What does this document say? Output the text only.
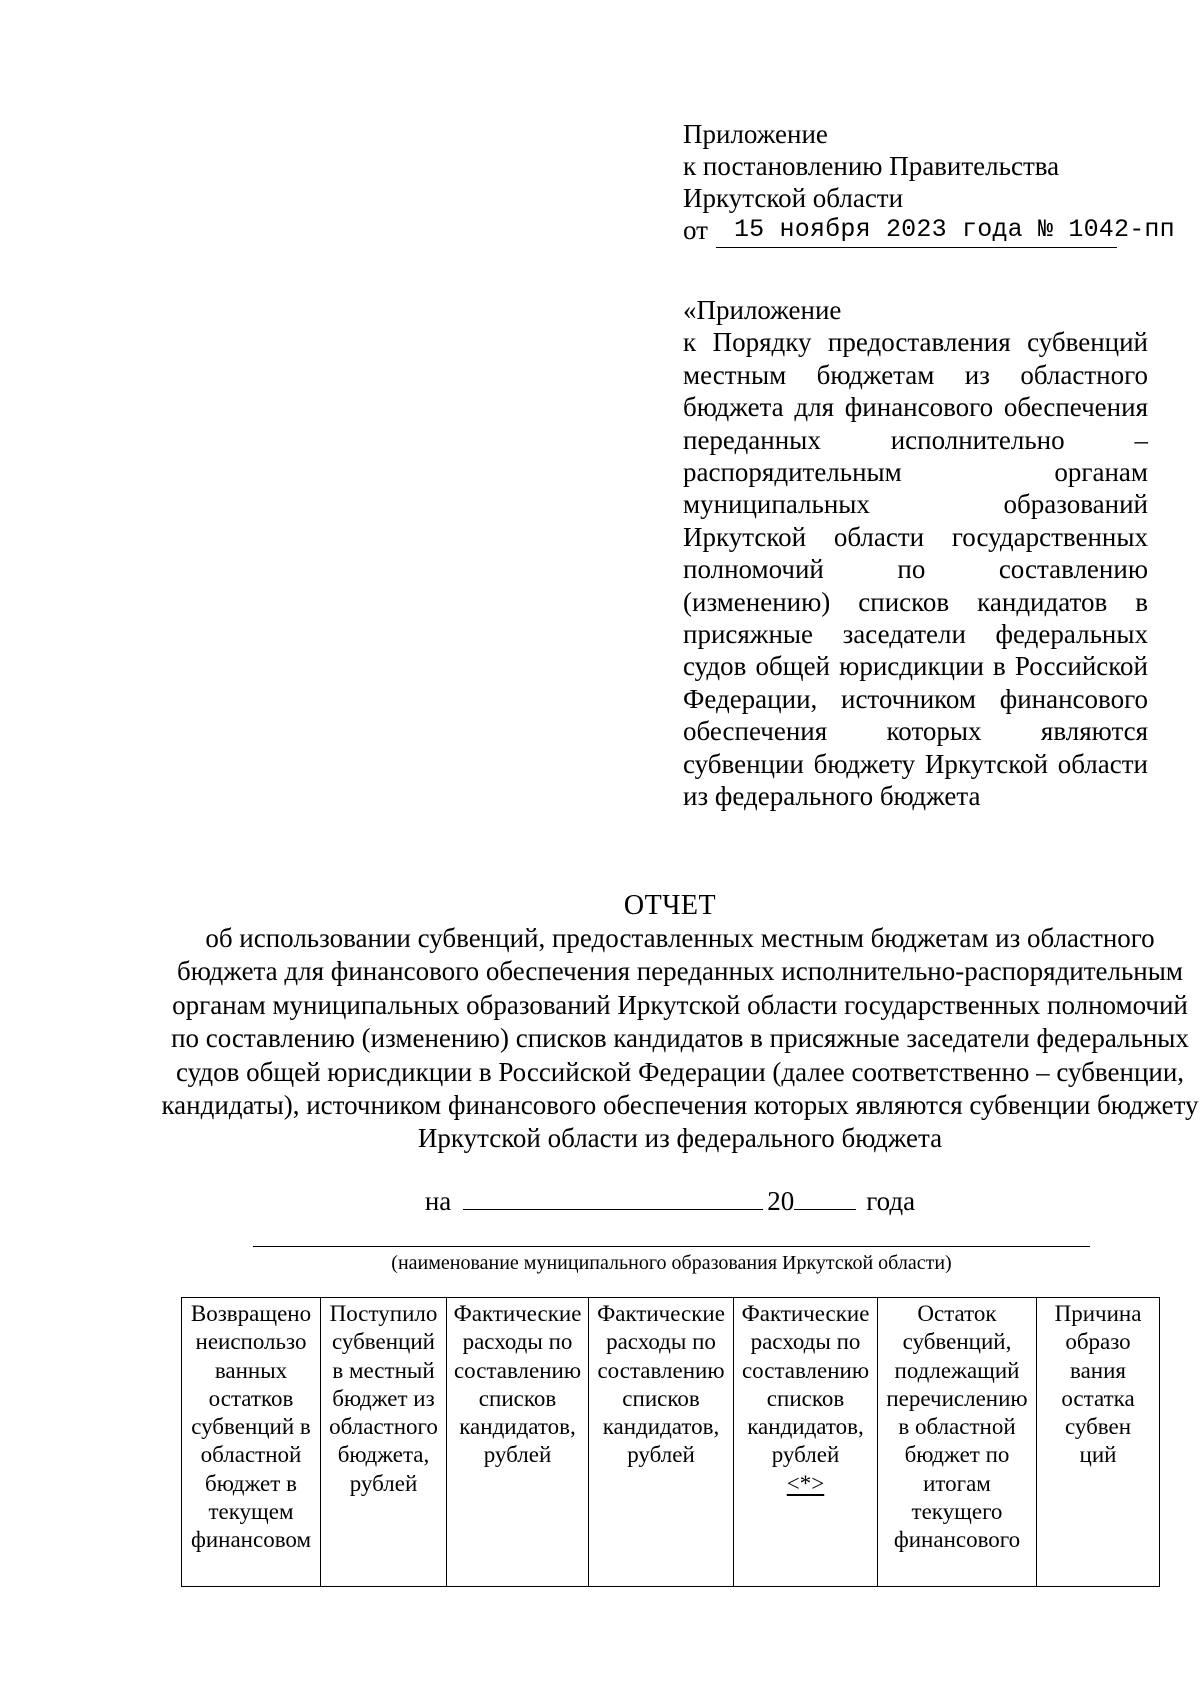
Приложение
к постановлению Правительства
Иркутской области
от	15 ноября 2023 года № 1042-пп
«Приложение
к Порядку предоставления субвенций местным бюджетам из областного бюджета для финансового обеспечения переданных исполнительно – распорядительным органам муниципальных образований Иркутской области государственных полномочий по составлению (изменению) списков кандидатов в присяжные заседатели федеральных судов общей юрисдикции в Российской Федерации, источником финансового обеспечения которых являются субвенции бюджету Иркутской области из федерального бюджета
ОТЧЕТ
об использовании субвенций, предоставленных местным бюджетам из областного бюджета для финансового обеспечения переданных исполнительно-распорядительным органам муниципальных образований Иркутской области государственных полномочий по составлению (изменению) списков кандидатов в присяжные заседатели федеральных судов общей юрисдикции в Российской Федерации (далее соответственно – субвенции, кандидаты), источником финансового обеспечения которых являются субвенции бюджету Иркутской области из федерального бюджета
на	20	года
(наименование муниципального образования Иркутской области)
Возвращено
неиспользо
ванных
остатков
субвенций в
областной
бюджет в
текущем
финансовом

Поступило
субвенций
в местный
бюджет из
областного
бюджета,
рублей

Фактические
расходы по
составлению
списков
кандидатов,
рублей

Фактические
расходы по
составлению
списков
кандидатов,
рублей

Фактические
расходы по
составлению
списков
кандидатов,
рублей
<*>

Остаток
субвенций,
подлежащий
перечислению
в областной
бюджет по
итогам
текущего
финансового

Причина
образо
вания
остатка
субвен
ций
